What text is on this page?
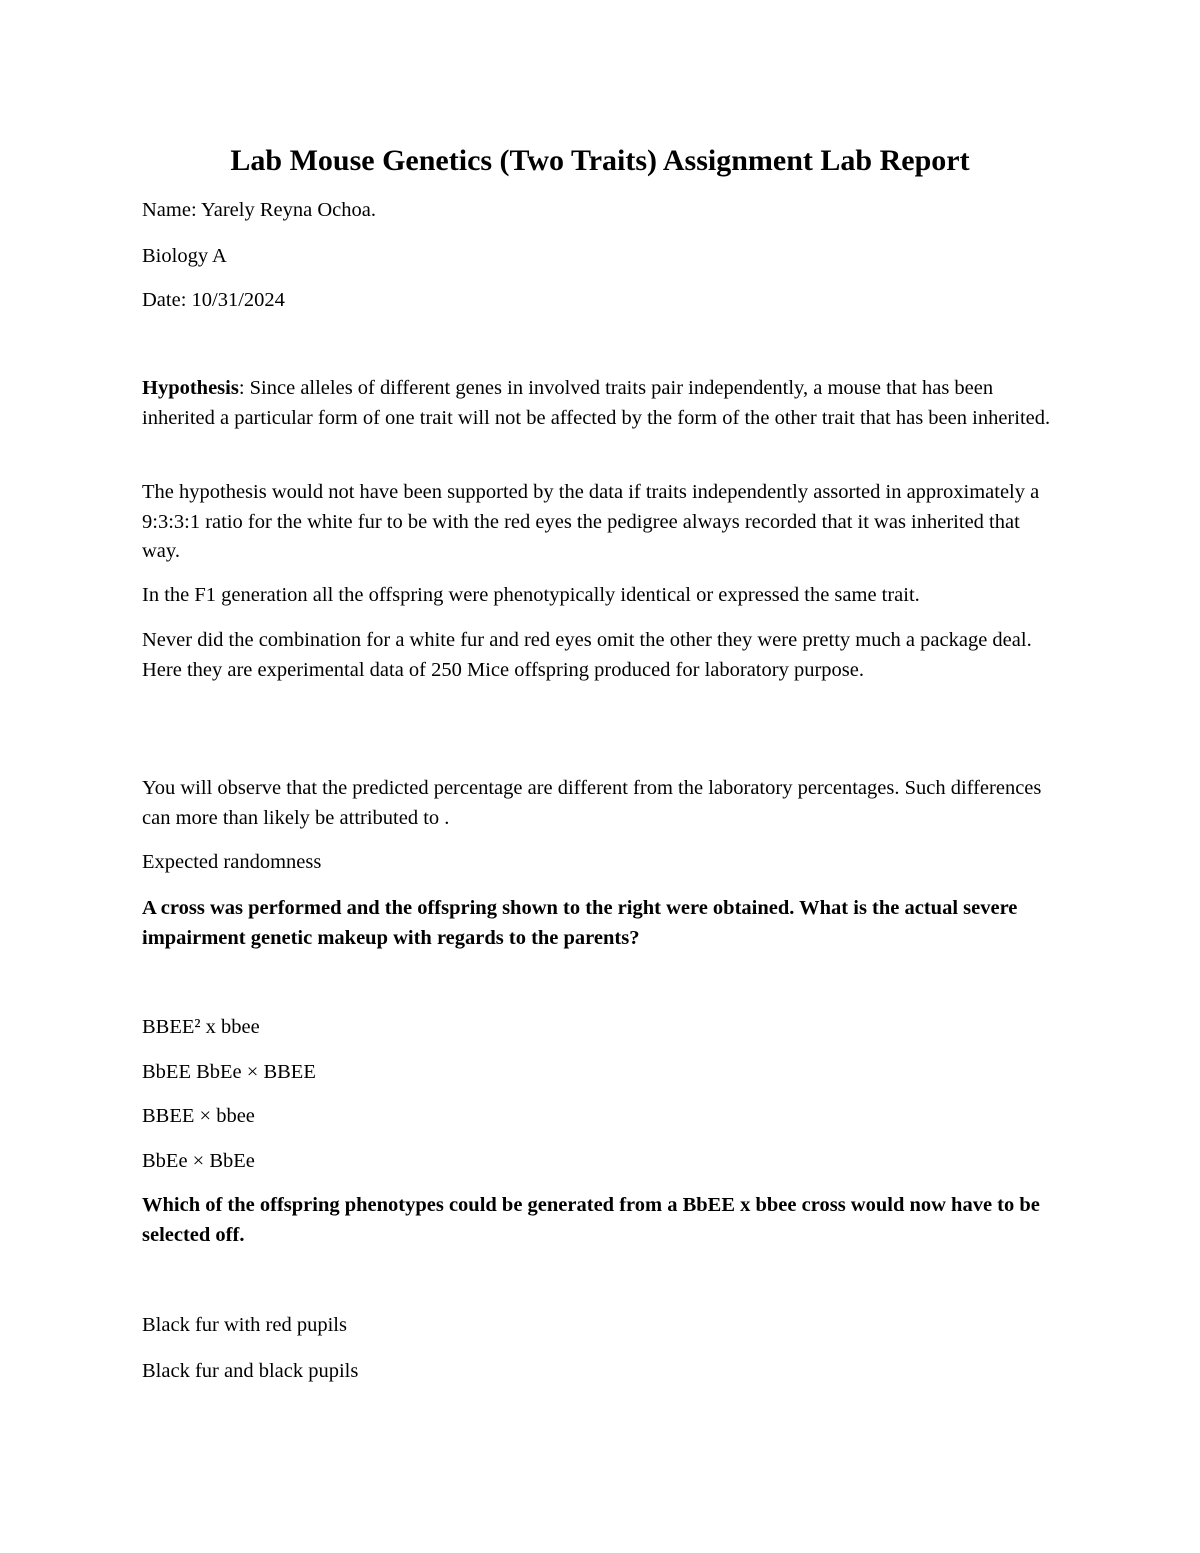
Lab Mouse Genetics (Two Traits) Assignment Lab Report

Name: Yarely Reyna Ochoa.

Biology A

Date: 10/31/2024

Hypothesis: Since alleles of different genes in involved traits pair independently, a mouse that has been inherited a particular form of one trait will not be affected by the form of the other trait that has been inherited.

The hypothesis would not have been supported by the data if traits independently assorted in approximately a 9:3:3:1 ratio for the white fur to be with the red eyes the pedigree always recorded that it was inherited that way.

In the F1 generation all the offspring were phenotypically identical or expressed the same trait.

Never did the combination for a white fur and red eyes omit the other they were pretty much a package deal. Here they are experimental data of 250 Mice offspring produced for laboratory purpose.

You will observe that the predicted percentage are different from the laboratory percentages. Such differences can more than likely be attributed to .

Expected randomness

A cross was performed and the offspring shown to the right were obtained. What is the actual severe impairment genetic makeup with regards to the parents?

BBEE² x bbee

BbEE BbEe × BBEE

BBEE × bbee

BbEe × BbEe

Which of the offspring phenotypes could be generated from a BbEE x bbee cross would now have to be selected off.

Black fur with red pupils

Black fur and black pupils
